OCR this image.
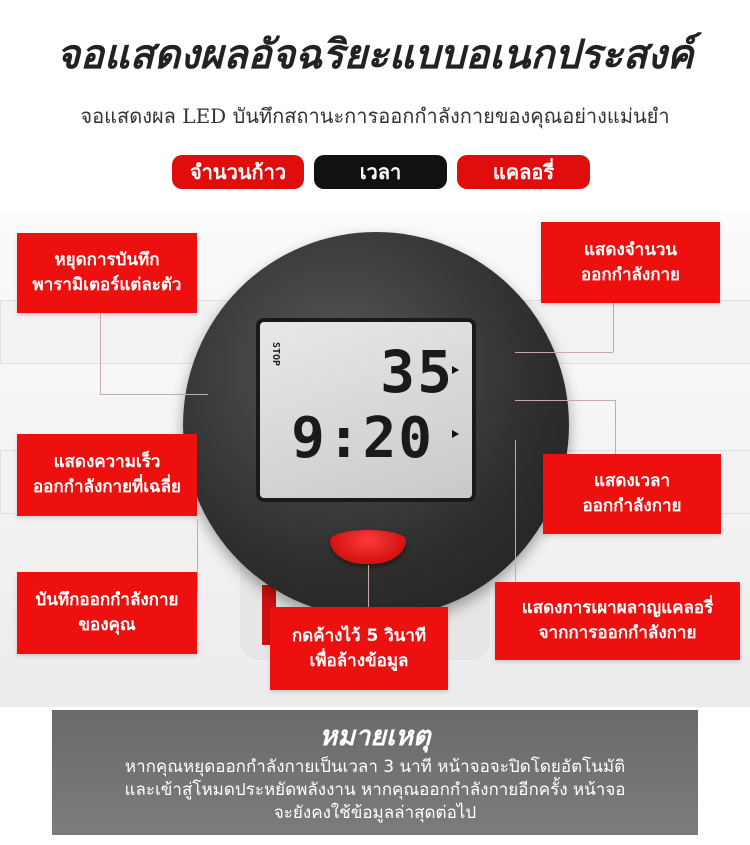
จอแสดงผลอัจฉริยะแบบอเนกประสงค์
จอแสดงผล LED บันทึกสถานะการออกกำลังกายของคุณอย่างแม่นยำ
จำนวนก้าว	เวลา	แคลอรี่
STOP 35
9:20
หยุดการบันทึก
พารามิเตอร์แต่ละตัว
แสดงจำนวน
ออกกำลังกาย
แสดงความเร็ว
ออกกำลังกายที่เฉลี่ย	แสดงเวลา
ออกกำลังกาย
บันทึกออกกำลังกาย
ของคุณ
กดค้างไว้ 5 วินาที
เพื่อล้างข้อมูล
แสดงการเผาผลาญแคลอรี่
จากการออกกำลังกาย
หมายเหตุ
หากคุณหยุดออกกำลังกายเป็นเวลา 3 นาที หน้าจอจะปิดโดยอัตโนมัติ
และเข้าสู่โหมดประหยัดพลังงาน หากคุณออกกำลังกายอีกครั้ง หน้าจอ
จะยังคงใช้ข้อมูลล่าสุดต่อไป
